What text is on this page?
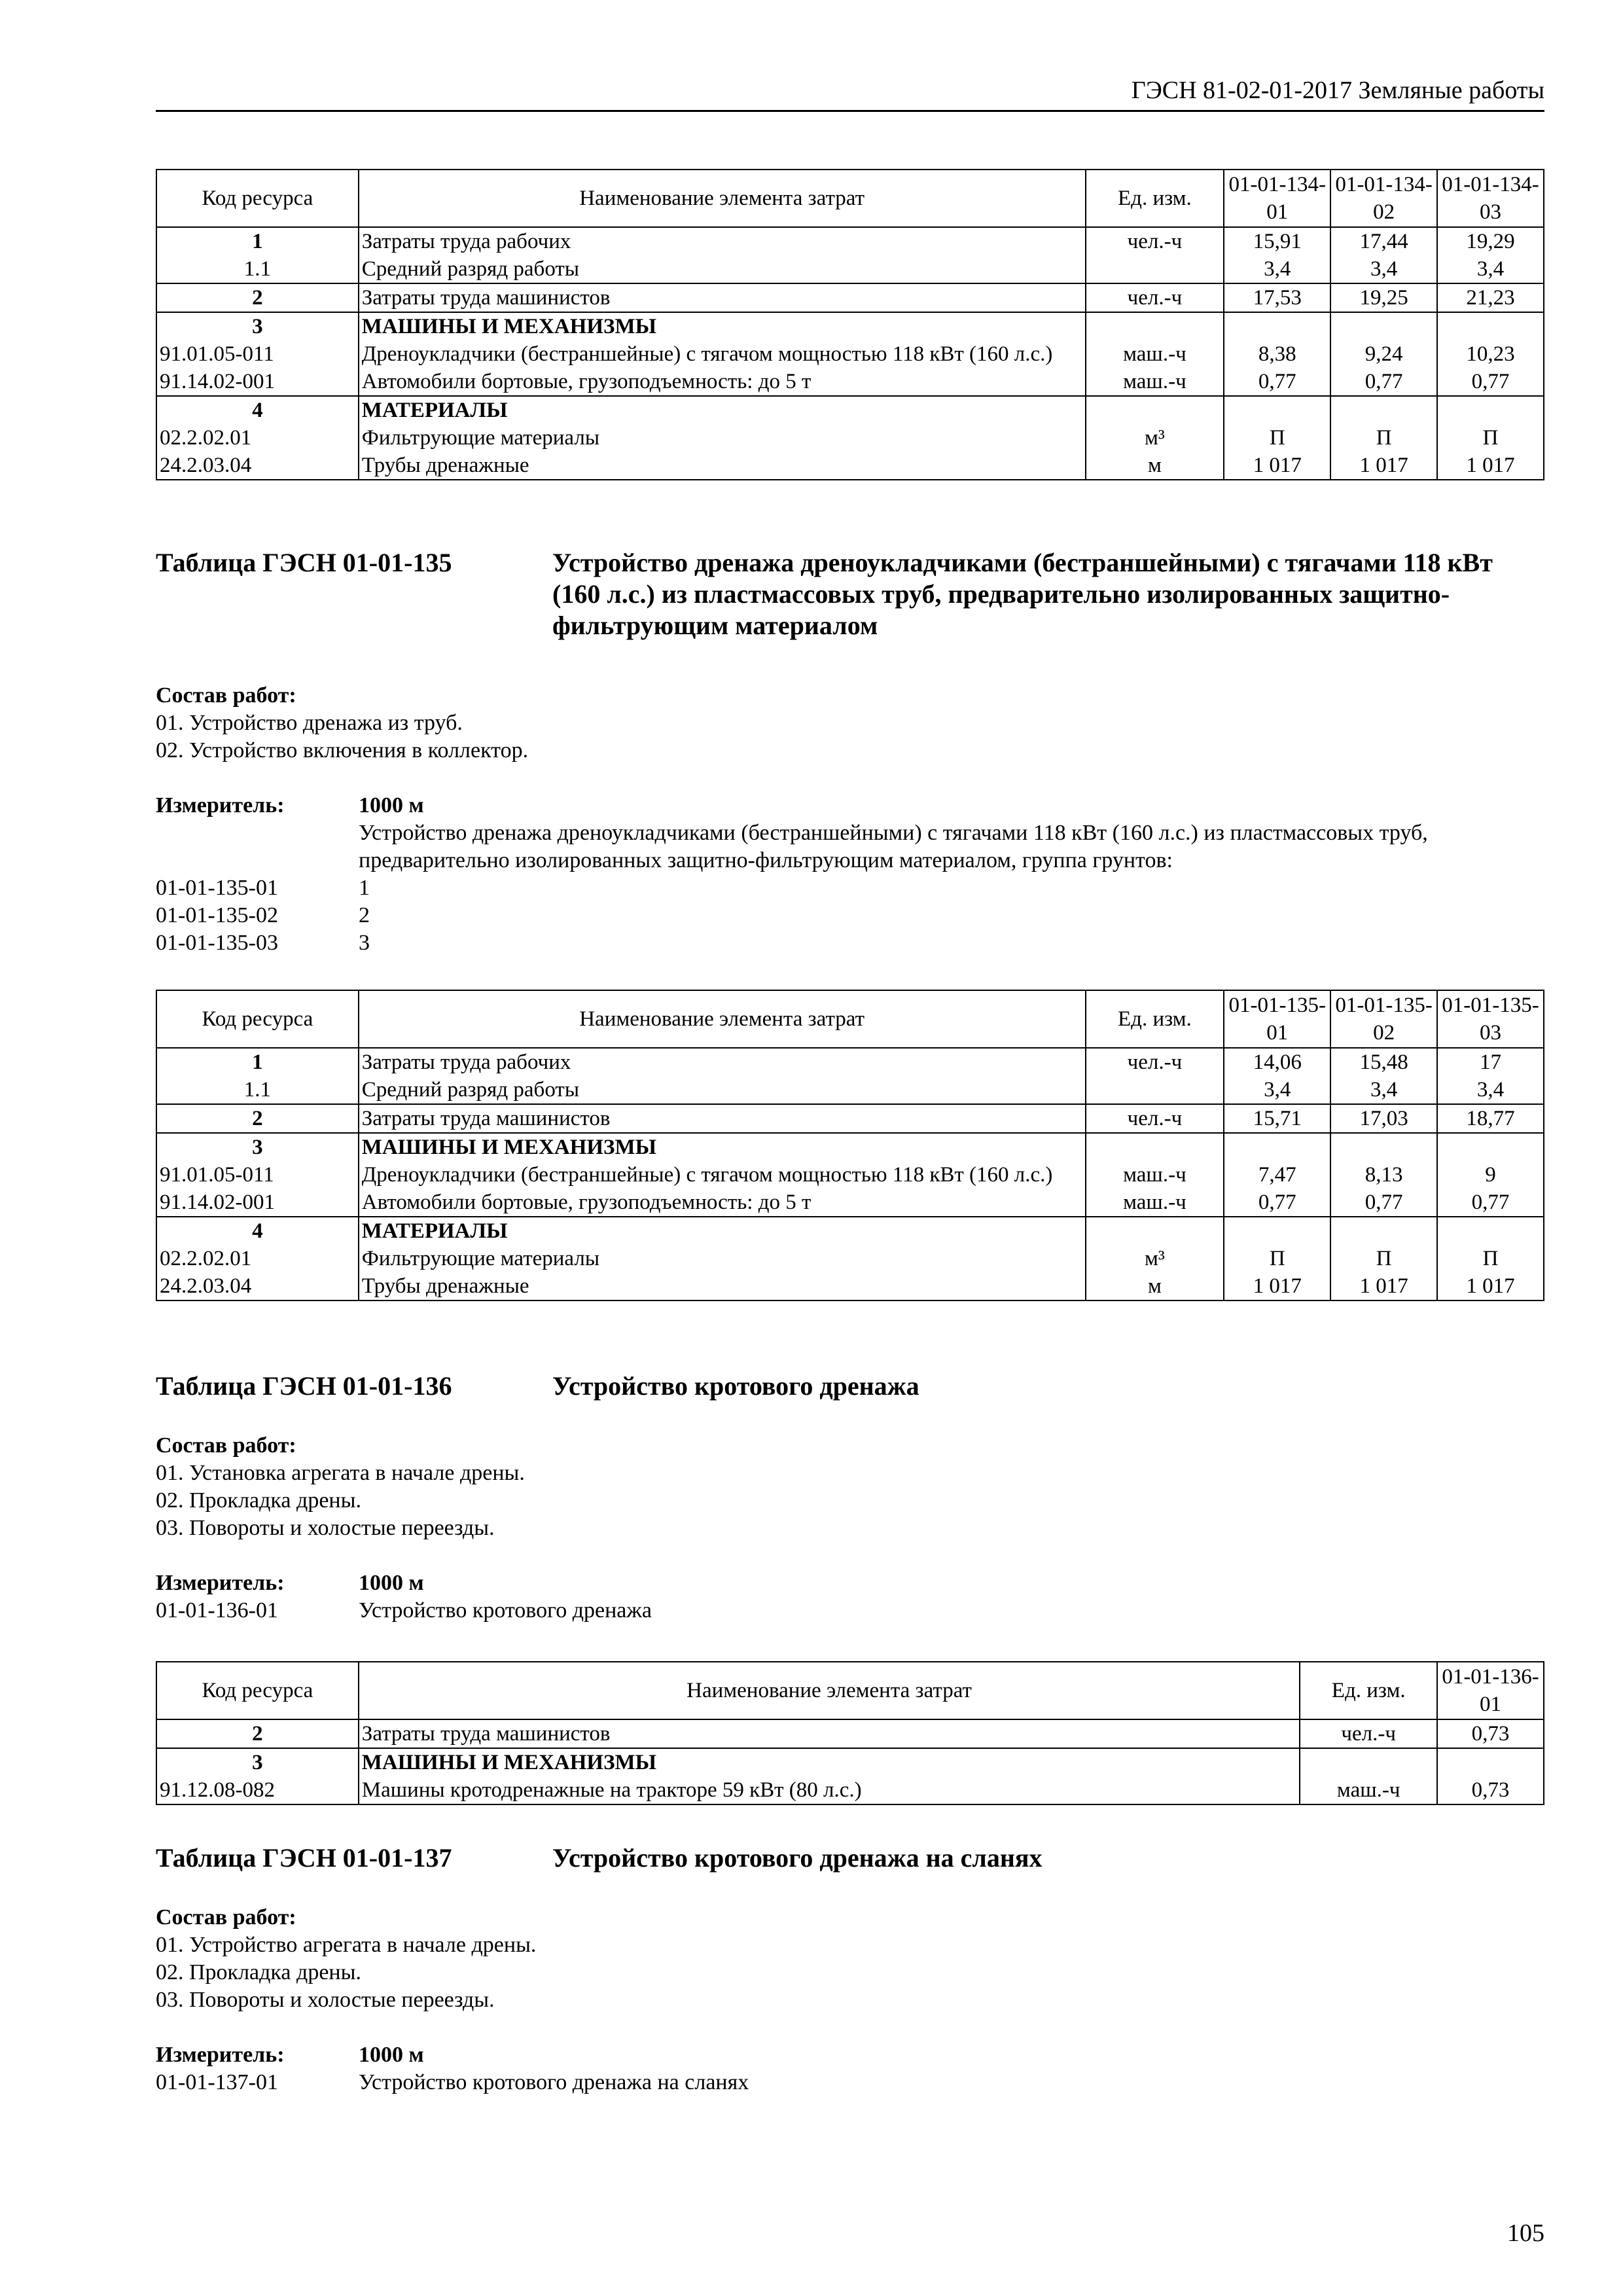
ГЭСН 81-02-01-2017 Земляные работы
Код ресурса	Наименование элемента затрат	Ед. изм.	01-01-134-01	01-01-134-02	01-01-134-03
1	Затраты труда рабочих	чел.-ч	15,91	17,44	19,29
1.1	Средний разряд работы		3,4	3,4	3,4
2	Затраты труда машинистов	чел.-ч	17,53	19,25	21,23
3	МАШИНЫ И МЕХАНИЗМЫ				
91.01.05-011	Дреноукладчики (бестраншейные) с тягачом мощностью 118 кВт (160 л.с.)	маш.-ч	8,38	9,24	10,23
91.14.02-001	Автомобили бортовые, грузоподъемность: до 5 т	маш.-ч	0,77	0,77	0,77
4	МАТЕРИАЛЫ				
02.2.02.01	Фильтрующие материалы	м³	П	П	П
24.2.03.04	Трубы дренажные	м	1 017	1 017	1 017
Таблица ГЭСН 01-01-135	Устройство дренажа дреноукладчиками (бестраншейными) с тягачами 118 кВт (160 л.с.) из пластмассовых труб, предварительно изолированных защитно-фильтрующим материалом
Состав работ:
01. Устройство дренажа из труб.
02. Устройство включения в коллектор.
Измеритель:	1000 м
Устройство дренажа дреноукладчиками (бестраншейными) с тягачами 118 кВт (160 л.с.) из пластмассовых труб, предварительно изолированных защитно-фильтрующим материалом, группа грунтов:
01-01-135-01	1
01-01-135-02	2
01-01-135-03	3
Код ресурса	Наименование элемента затрат	Ед. изм.	01-01-135-01	01-01-135-02	01-01-135-03
1	Затраты труда рабочих	чел.-ч	14,06	15,48	17
1.1	Средний разряд работы		3,4	3,4	3,4
2	Затраты труда машинистов	чел.-ч	15,71	17,03	18,77
3	МАШИНЫ И МЕХАНИЗМЫ				
91.01.05-011	Дреноукладчики (бестраншейные) с тягачом мощностью 118 кВт (160 л.с.)	маш.-ч	7,47	8,13	9
91.14.02-001	Автомобили бортовые, грузоподъемность: до 5 т	маш.-ч	0,77	0,77	0,77
4	МАТЕРИАЛЫ				
02.2.02.01	Фильтрующие материалы	м³	П	П	П
24.2.03.04	Трубы дренажные	м	1 017	1 017	1 017
Таблица ГЭСН 01-01-136	Устройство кротового дренажа
Состав работ:
01. Установка агрегата в начале дрены.
02. Прокладка дрены.
03. Повороты и холостые переезды.
Измеритель:	1000 м
01-01-136-01	Устройство кротового дренажа
Код ресурса	Наименование элемента затрат	Ед. изм.	01-01-136-01
2	Затраты труда машинистов	чел.-ч	0,73
3	МАШИНЫ И МЕХАНИЗМЫ		
91.12.08-082	Машины кротодренажные на тракторе 59 кВт (80 л.с.)	маш.-ч	0,73
Таблица ГЭСН 01-01-137	Устройство кротового дренажа на сланях
Состав работ:
01. Устройство агрегата в начале дрены.
02. Прокладка дрены.
03. Повороты и холостые переезды.
Измеритель:	1000 м
01-01-137-01	Устройство кротового дренажа на сланях
105
